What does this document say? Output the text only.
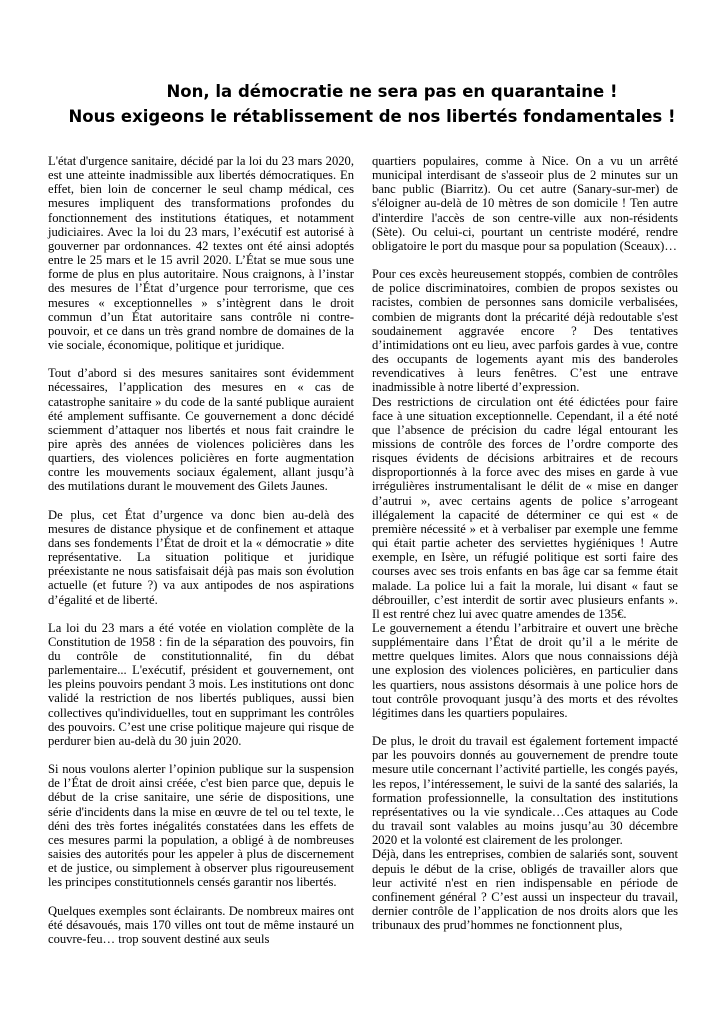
Non, la démocratie ne sera pas en quarantaine !
Nous exigeons le rétablissement de nos libertés fondamentales !

L'état d'urgence sanitaire, décidé par la loi du 23 mars 2020, est une atteinte inadmissible aux libertés démocratiques. En effet, bien loin de concerner le seul champ médical, ces mesures impliquent des transformations profondes du fonctionnement des institutions étatiques, et notamment judiciaires. Avec la loi du 23 mars, l’exécutif est autorisé à gouverner par ordonnances. 42 textes ont été ainsi adoptés entre le 25 mars et le 15 avril 2020. L’État se mue sous une forme de plus en plus autoritaire. Nous craignons, à l’instar des mesures de l’État d’urgence pour terrorisme, que ces mesures « exceptionnelles » s’intègrent dans le droit commun d’un État autoritaire sans contrôle ni contre-pouvoir, et ce dans un très grand nombre de domaines de la vie sociale, économique, politique et juridique.

Tout d’abord si des mesures sanitaires sont évidemment nécessaires, l’application des mesures en « cas de catastrophe sanitaire » du code de la santé publique auraient été amplement suffisante. Ce gouvernement a donc décidé sciemment d’attaquer nos libertés et nous fait craindre le pire après des années de violences policières dans les quartiers, des violences policières en forte augmentation contre les mouvements sociaux également, allant jusqu’à des mutilations durant le mouvement des Gilets Jaunes.

De plus, cet État d’urgence va donc bien au-delà des mesures de distance physique et de confinement et attaque dans ses fondements l’État de droit et la « démocratie » dite représentative. La situation politique et juridique préexistante ne nous satisfaisait déjà pas mais son évolution actuelle (et future ?) va aux antipodes de nos aspirations d’égalité et de liberté.

La loi du 23 mars a été votée en violation complète de la Constitution de 1958 : fin de la séparation des pouvoirs, fin du contrôle de constitutionnalité, fin du débat parlementaire... L'exécutif, président et gouvernement, ont les pleins pouvoirs pendant 3 mois. Les institutions ont donc validé la restriction de nos libertés publiques, aussi bien collectives qu'individuelles, tout en supprimant les contrôles des pouvoirs. C’est une crise politique majeure qui risque de perdurer bien au-delà du 30 juin 2020.

Si nous voulons alerter l’opinion publique sur la suspension de l’État de droit ainsi créée, c'est bien parce que, depuis le début de la crise sanitaire, une série de dispositions, une série d'incidents dans la mise en œuvre de tel ou tel texte, le déni des très fortes inégalités constatées dans les effets de ces mesures parmi la population, a obligé à de nombreuses saisies des autorités pour les appeler à plus de discernement et de justice, ou simplement à observer plus rigoureusement les principes constitutionnels censés garantir nos libertés.

Quelques exemples sont éclairants. De nombreux maires ont été désavoués, mais 170 villes ont tout de même instauré un couvre-feu… trop souvent destiné aux seuls

quartiers populaires, comme à Nice. On a vu un arrêté municipal interdisant de s'asseoir plus de 2 minutes sur un banc public (Biarritz). Ou cet autre (Sanary-sur-mer) de s'éloigner au-delà de 10 mètres de son domicile ! Ten autre d'interdire l'accès de son centre-ville aux non-résidents (Sète). Ou celui-ci, pourtant un centriste modéré, rendre obligatoire le port du masque pour sa population (Sceaux)…

Pour ces excès heureusement stoppés, combien de contrôles de police discriminatoires, combien de propos sexistes ou racistes, combien de personnes sans domicile verbalisées, combien de migrants dont la précarité déjà redoutable s'est soudainement aggravée encore ? Des tentatives d’intimidations ont eu lieu, avec parfois gardes à vue, contre des occupants de logements ayant mis des banderoles revendicatives à leurs fenêtres. C’est une entrave inadmissible à notre liberté d’expression.

Des restrictions de circulation ont été édictées pour faire face à une situation exceptionnelle. Cependant, il a été noté que l’absence de précision du cadre légal entourant les missions de contrôle des forces de l’ordre comporte des risques évidents de décisions arbitraires et de recours disproportionnés à la force avec des mises en garde à vue irrégulières instrumentalisant le délit de « mise en danger d’autrui », avec certains agents de police s’arrogeant illégalement la capacité de déterminer ce qui est « de première nécessité » et à verbaliser par exemple une femme qui était partie acheter des serviettes hygiéniques ! Autre exemple, en Isère, un réfugié politique est sorti faire des courses avec ses trois enfants en bas âge car sa femme était malade. La police lui a fait la morale, lui disant « faut se débrouiller, c’est interdit de sortir avec plusieurs enfants ». Il est rentré chez lui avec quatre amendes de 135€.

Le gouvernement a étendu l’arbitraire et ouvert une brèche supplémentaire dans l’État de droit qu’il a le mérite de mettre quelques limites. Alors que nous connaissions déjà une explosion des violences policières, en particulier dans les quartiers, nous assistons désormais à une police hors de tout contrôle provoquant jusqu’à des morts et des révoltes légitimes dans les quartiers populaires.

De plus, le droit du travail est également fortement impacté par les pouvoirs donnés au gouvernement de prendre toute mesure utile concernant l’activité partielle, les congés payés, les repos, l’intéressement, le suivi de la santé des salariés, la formation professionnelle, la consultation des institutions représentatives ou la vie syndicale…Ces attaques au Code du travail sont valables au moins jusqu’au 30 décembre 2020 et la volonté est clairement de les prolonger.

Déjà, dans les entreprises, combien de salariés sont, souvent depuis le début de la crise, obligés de travailler alors que leur activité n'est en rien indispensable en période de confinement général ? C’est aussi un inspecteur du travail, dernier contrôle de l’application de nos droits alors que les tribunaux des prud’hommes ne fonctionnent plus,
